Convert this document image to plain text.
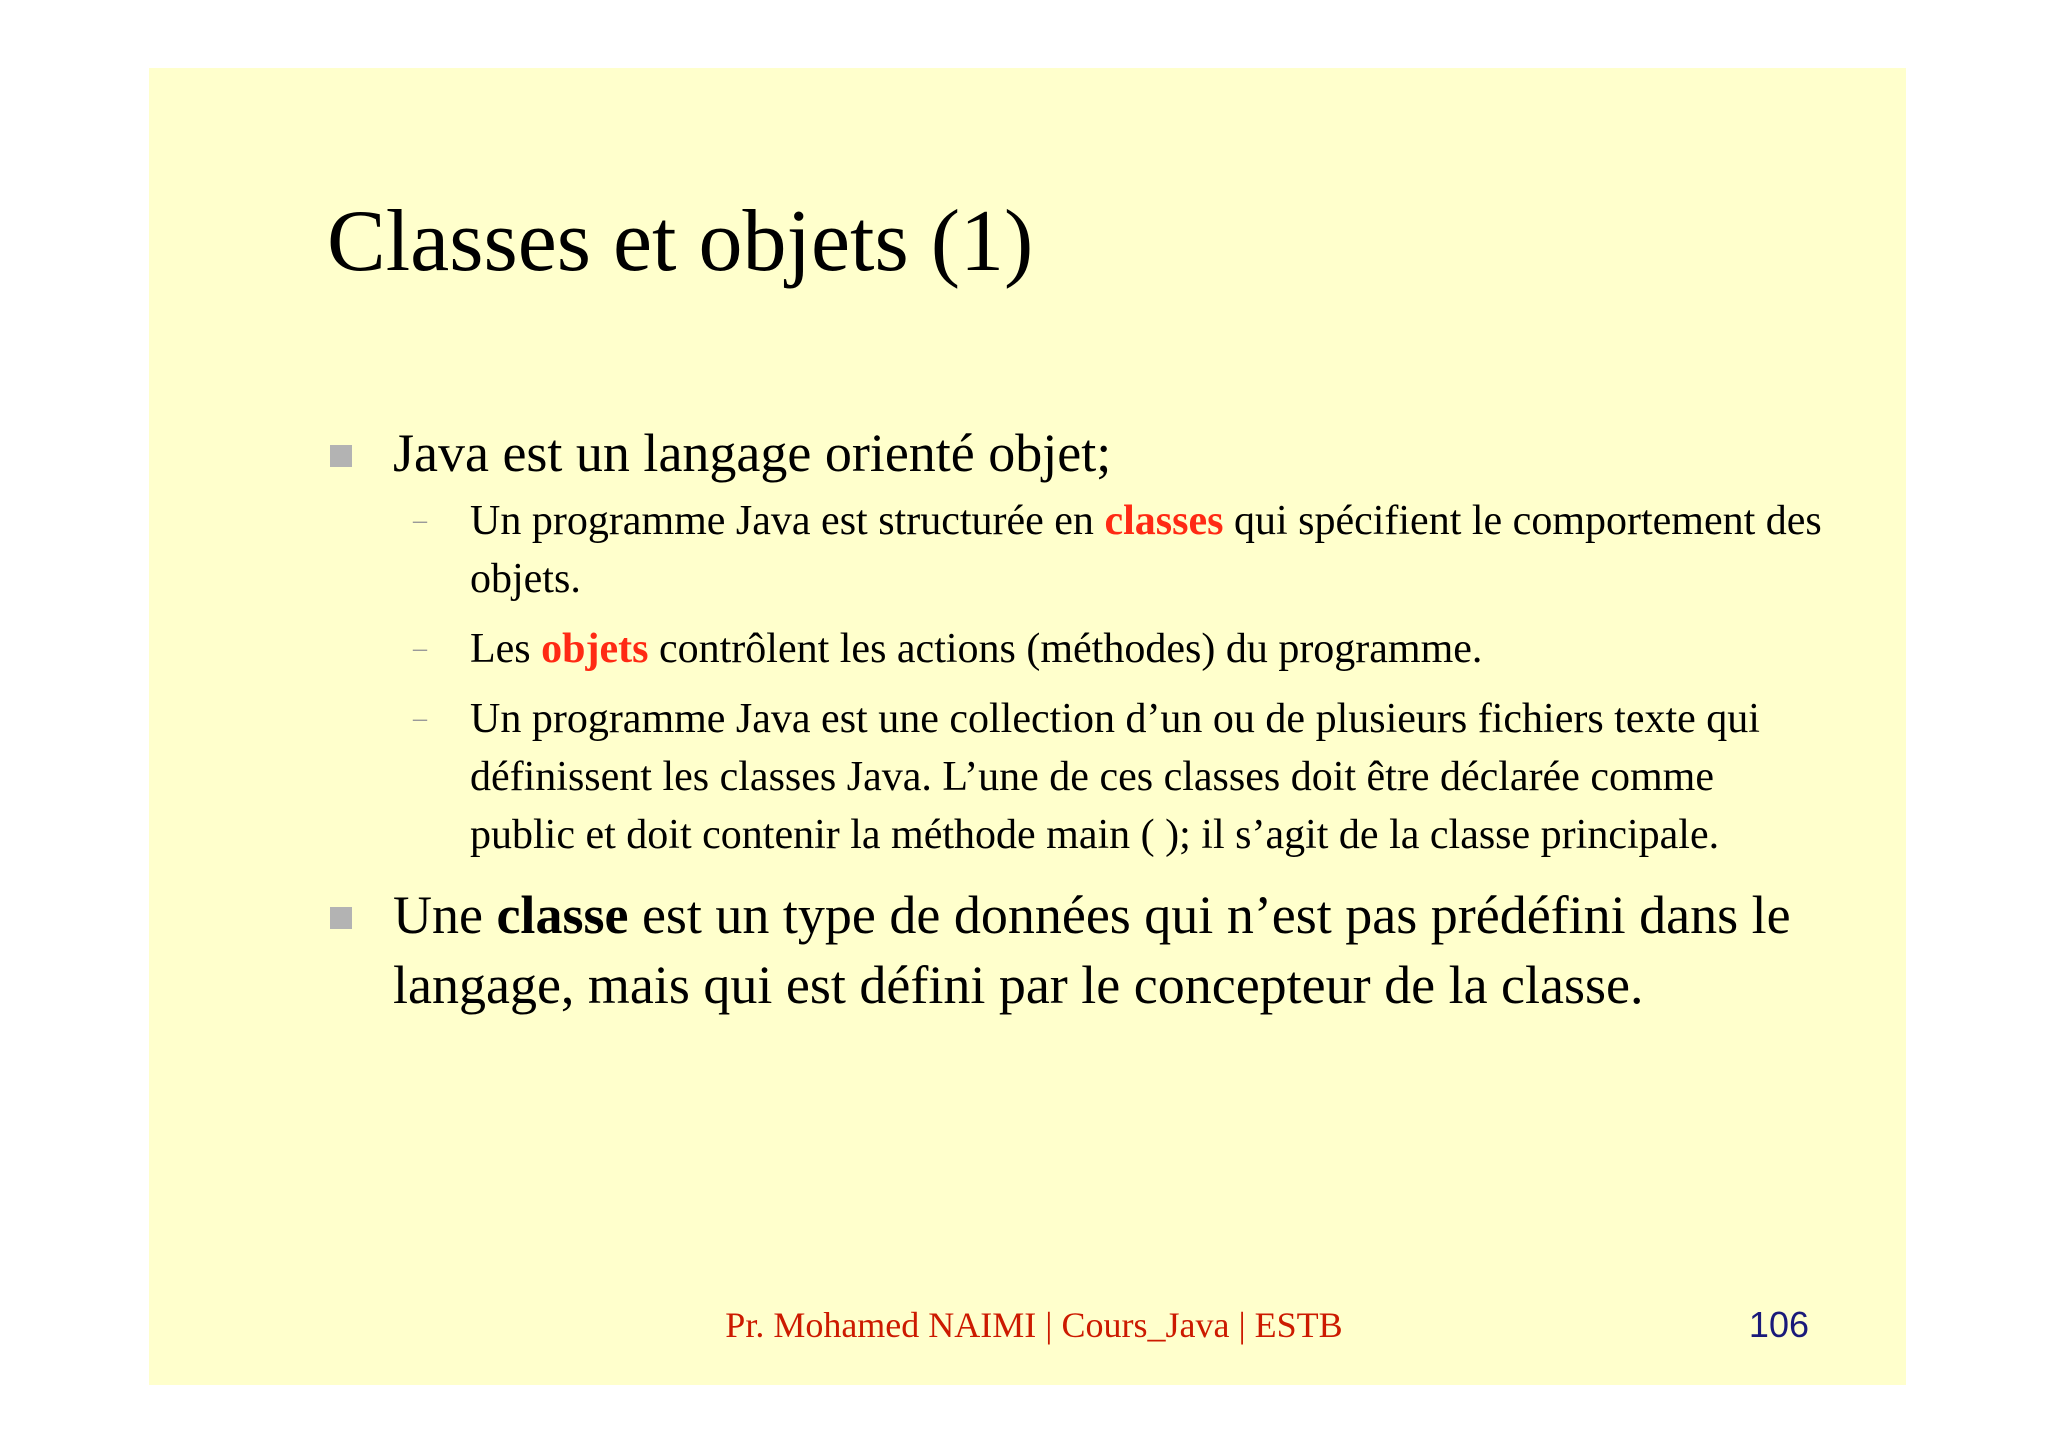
Classes et objets (1)
Java est un langage orienté objet;
– Un programme Java est structurée en classes qui spécifient le comportement des objets.
– Les objets contrôlent les actions (méthodes) du programme.
– Un programme Java est une collection d’un ou de plusieurs fichiers texte qui définissent les classes Java. L’une de ces classes doit être déclarée comme public et doit contenir la méthode main ( ); il s’agit de la classe principale.
Une classe est un type de données qui n’est pas prédéfini dans le langage, mais qui est défini par le concepteur de la classe.
Pr. Mohamed NAIMI | Cours_Java | ESTB	106
